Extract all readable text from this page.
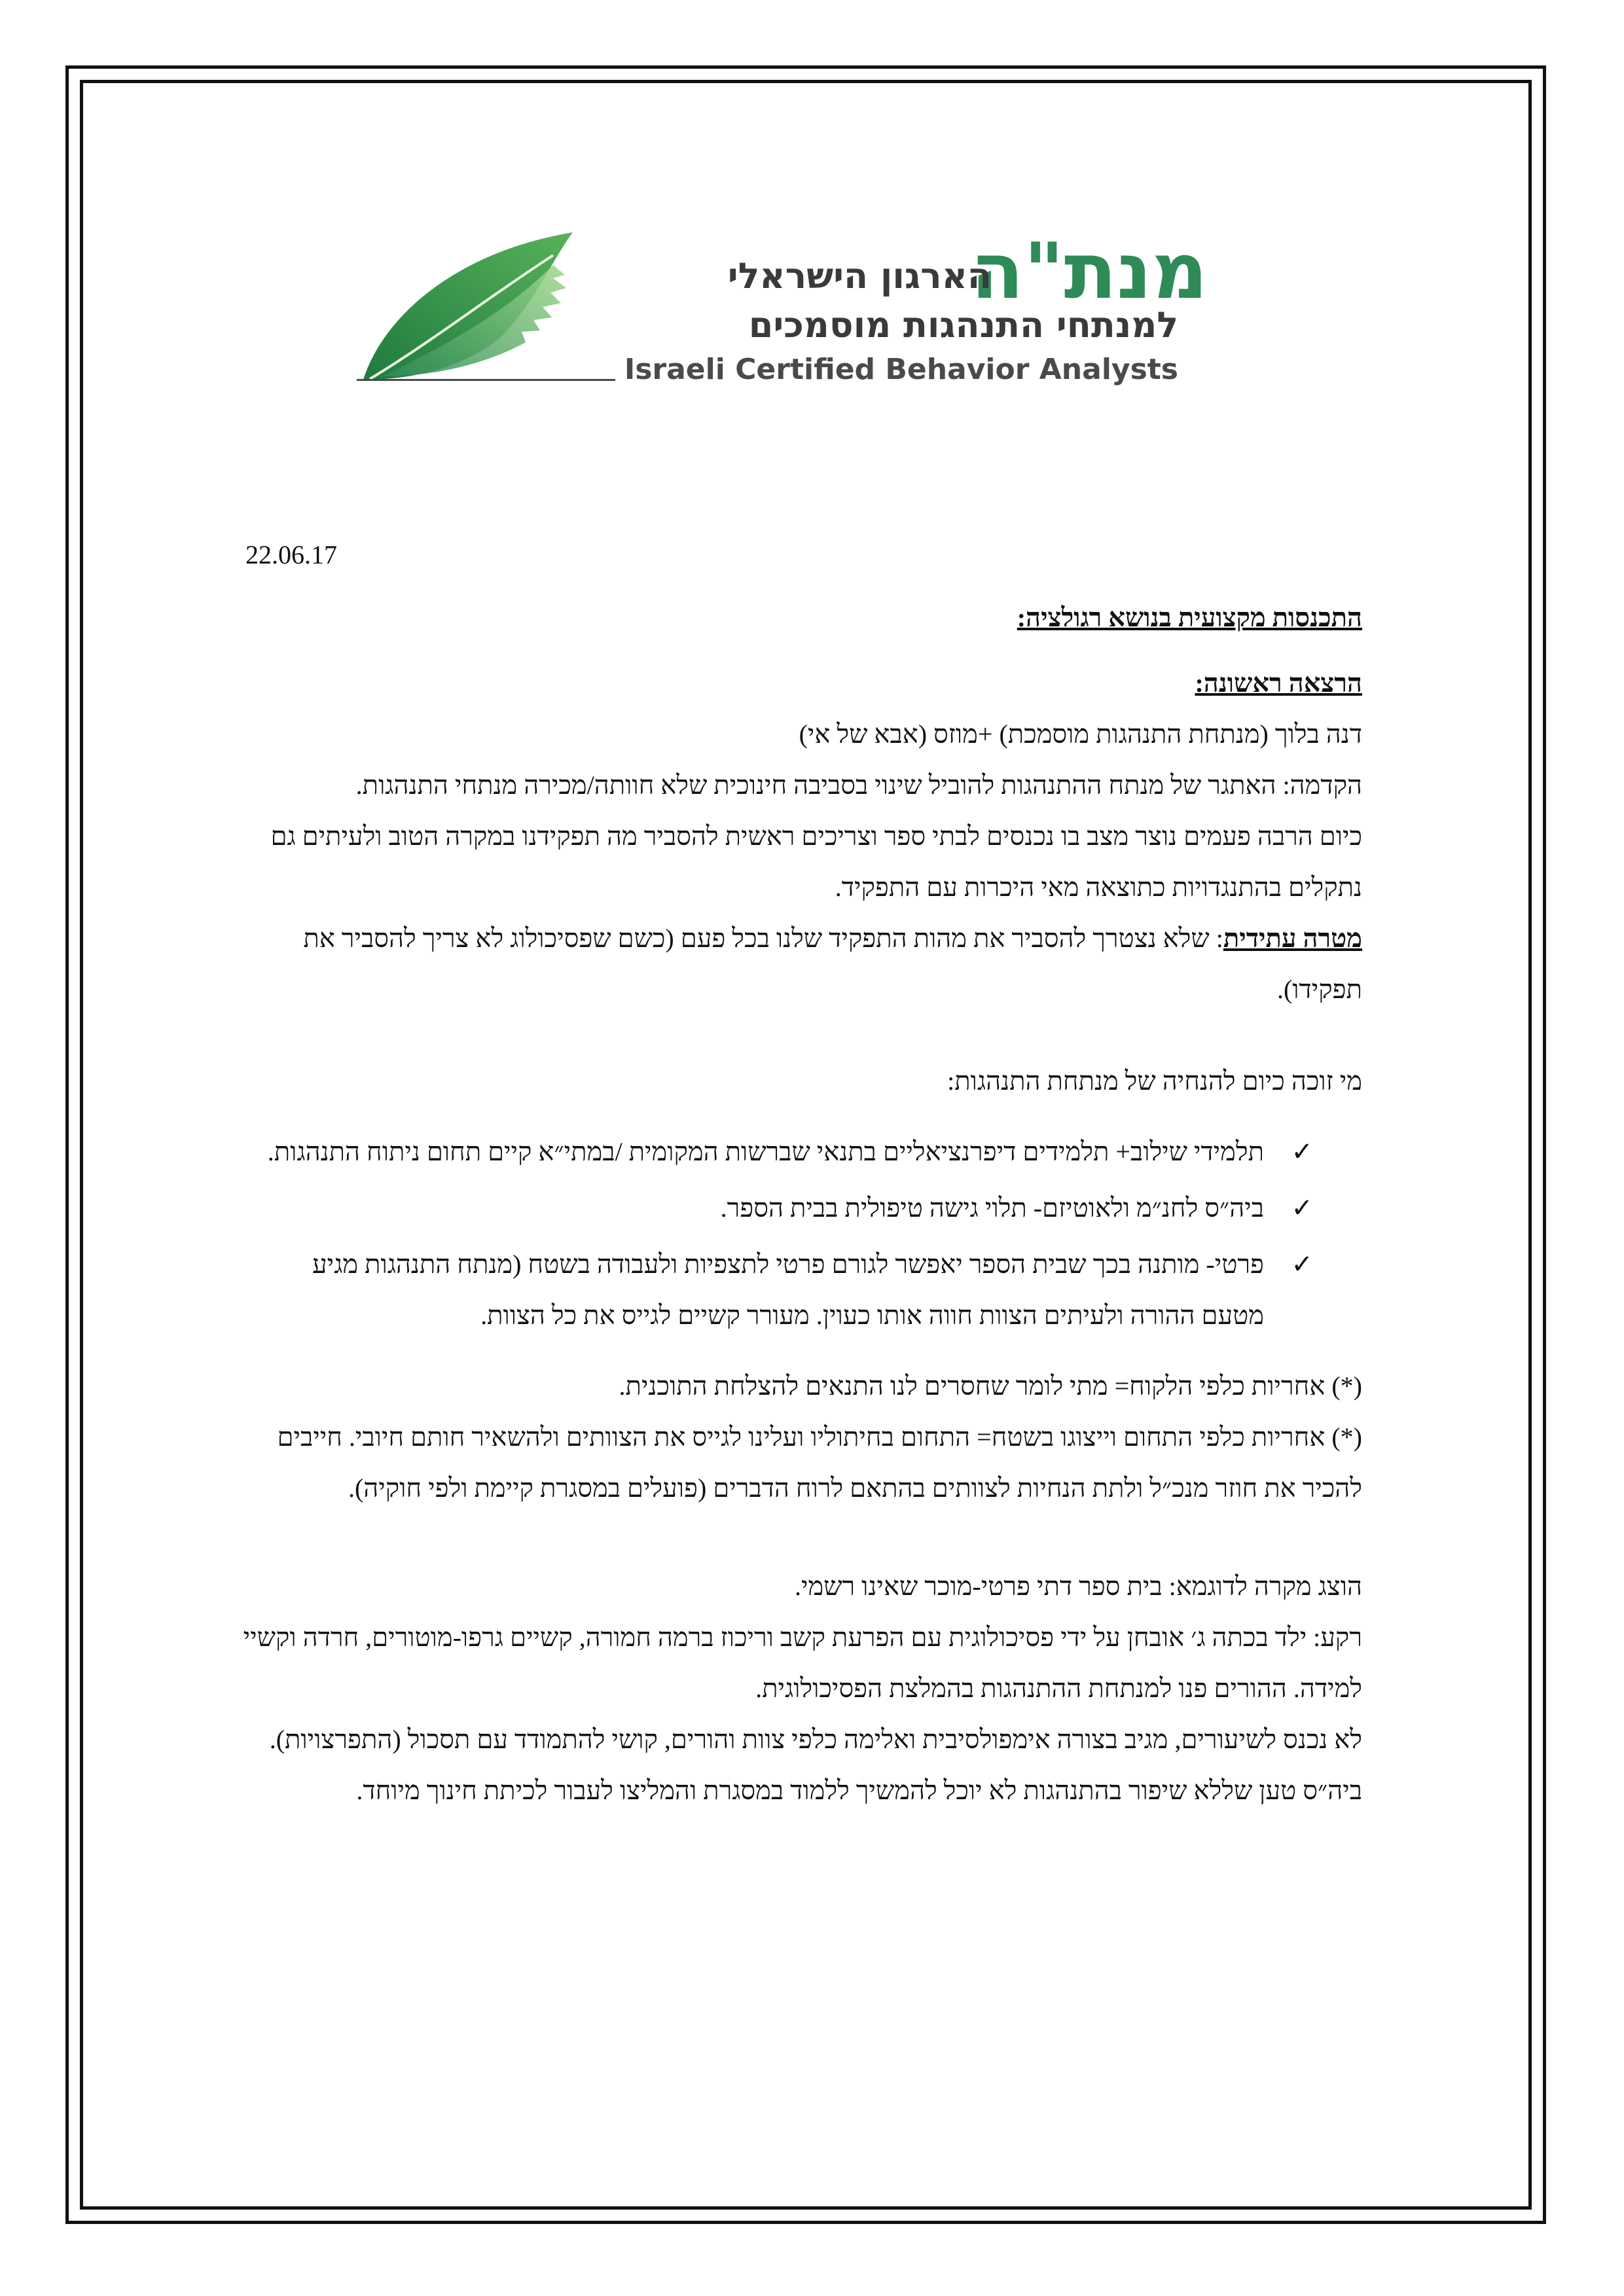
מנת"ה
הארגון הישראלי
למנתחי התנהגות מוסמכים
Israeli Certified Behavior Analysts
22.06.17

התכנסות מקצועית בנושא רגולציה:

הרצאה ראשונה:

דנה בלוך (מנתחת התנהגות מוסמכת) +מוזס (אבא של אי)

הקדמה: האתגר של מנתח ההתנהגות להוביל שינוי בסביבה חינוכית שלא חוותה/מכירה מנתחי התנהגות.

כיום הרבה פעמים נוצר מצב בו נכנסים לבתי ספר וצריכים ראשית להסביר מה תפקידנו במקרה הטוב ולעיתים גם נתקלים בהתנגדויות כתוצאה מאי היכרות עם התפקיד.

מטרה עתידית: שלא נצטרך להסביר את מהות התפקיד שלנו בכל פעם (כשם שפסיכולוג לא צריך להסביר את תפקידו).

מי זוכה כיום להנחיה של מנתחת התנהגות:

✓
תלמידי שילוב+ תלמידים דיפרנציאליים בתנאי שברשות המקומית /במתי״א קיים תחום ניתוח התנהגות.
✓
ביה״ס לחנ״מ ולאוטיזם- תלוי גישה טיפולית בבית הספר.
✓
פרטי- מותנה בכך שבית הספר יאפשר לגורם פרטי לתצפיות ולעבודה בשטח (מנתח התנהגות מגיע מטעם ההורה ולעיתים הצוות חווה אותו כעוין. מעורר קשיים לגייס את כל הצוות.

(*) אחריות כלפי הלקוח= מתי לומר שחסרים לנו התנאים להצלחת התוכנית.

(*) אחריות כלפי התחום וייצוגו בשטח= התחום בחיתוליו ועלינו לגייס את הצוותים ולהשאיר חותם חיובי. חייבים להכיר את חוזר מנכ״ל ולתת הנחיות לצוותים בהתאם לרוח הדברים (פועלים במסגרת קיימת ולפי חוקיה).

הוצג מקרה לדוגמא: בית ספר דתי פרטי-מוכר שאינו רשמי.

רקע: ילד בכתה ג׳ אובחן על ידי פסיכולוגית עם הפרעת קשב וריכוז ברמה חמורה, קשיים גרפו-מוטורים, חרדה וקשיי למידה. ההורים פנו למנתחת ההתנהגות בהמלצת הפסיכולוגית.

לא נכנס לשיעורים, מגיב בצורה אימפולסיבית ואלימה כלפי צוות והורים, קושי להתמודד עם תסכול (התפרצויות).

ביה״ס טען שללא שיפור בהתנהגות לא יוכל להמשיך ללמוד במסגרת והמליצו לעבור לכיתת חינוך מיוחד.
